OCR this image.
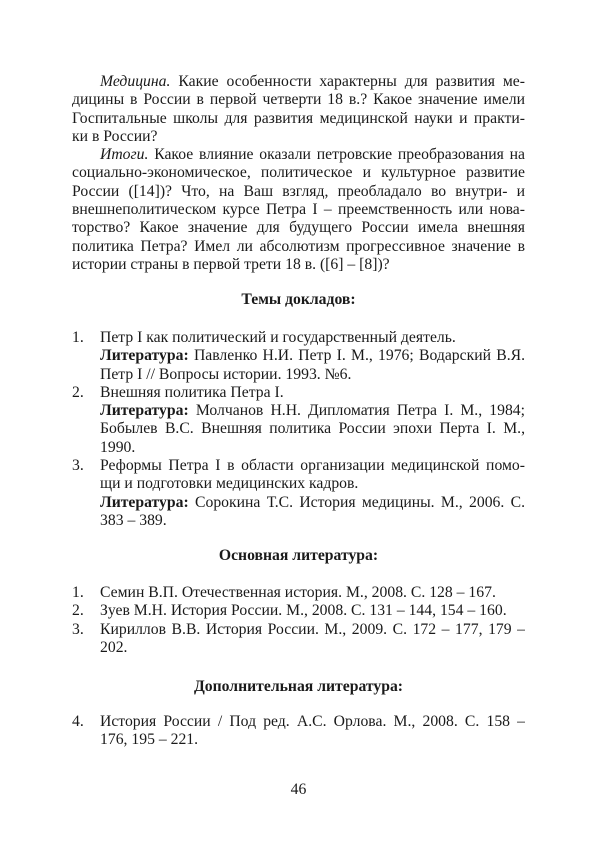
Медицина. Какие особенности характерны для развития ме-
дицины в России в первой четверти 18 в.? Какое значение имели
Госпитальные школы для развития медицинской науки и практи-
ки в России?
Итоги. Какое влияние оказали петровские преобразования на
социально-экономическое, политическое и культурное развитие
России ([14])? Что, на Ваш взгляд, преобладало во внутри- и
внешнеполитическом курсе Петра I – преемственность или нова-
торство? Какое значение для будущего России имела внешняя
политика Петра? Имел ли абсолютизм прогрессивное значение в
истории страны в первой трети 18 в. ([6] – [8])?
Темы докладов:
1.	Петр I как политический и государственный деятель.
Литература: Павленко Н.И. Петр I. М., 1976; Водарский В.Я.
Петр I // Вопросы истории. 1993. №6.
2.	Внешняя политика Петра I.
Литература: Молчанов Н.Н. Дипломатия Петра I. М., 1984;
Бобылев В.С. Внешняя политика России эпохи Перта I. М.,
1990.
3.	Реформы Петра I в области организации медицинской помо-
щи и подготовки медицинских кадров.
Литература: Сорокина Т.С. История медицины. М., 2006. С.
383 – 389.
Основная литература:
1.	Семин В.П. Отечественная история. М., 2008. С. 128 – 167.
2.	Зуев М.Н. История России. М., 2008. С. 131 – 144, 154 – 160.
3.	Кириллов В.В. История России. М., 2009. С. 172 – 177, 179 –
202.
Дополнительная литература:
4.	История России / Под ред. А.С. Орлова. М., 2008. С. 158 –
176, 195 – 221.
46
